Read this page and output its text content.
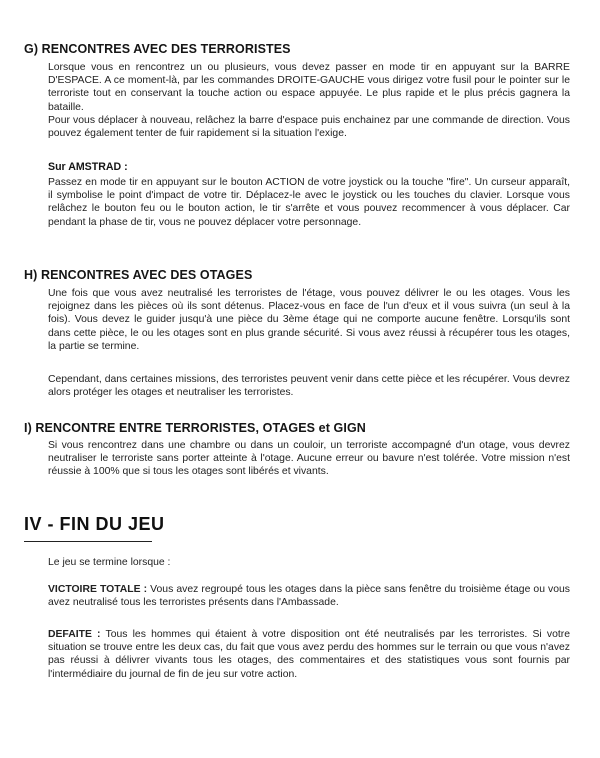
G) RENCONTRES AVEC DES TERRORISTES

Lorsque vous en rencontrez un ou plusieurs, vous devez passer en mode tir en appuyant sur la BARRE D'ESPACE. A ce moment-là, par les commandes DROITE-GAUCHE vous dirigez votre fusil pour le pointer sur le terroriste tout en conservant la touche action ou espace appuyée. Le plus rapide et le plus précis gagnera la bataille.

Pour vous déplacer à nouveau, relâchez la barre d'espace puis enchainez par une commande de direction. Vous pouvez également tenter de fuir rapidement si la situation l'exige.

Sur AMSTRAD :

Passez en mode tir en appuyant sur le bouton ACTION de votre joystick ou la touche "fire". Un curseur apparaît, il symbolise le point d'impact de votre tir. Déplacez-le avec le joystick ou les touches du clavier. Lorsque vous relâchez le bouton feu ou le bouton action, le tir s'arrête et vous pouvez recommencer à vous déplacer. Car pendant la phase de tir, vous ne pouvez déplacer votre personnage.

H) RENCONTRES AVEC DES OTAGES

Une fois que vous avez neutralisé les terroristes de l'étage, vous pouvez délivrer le ou les otages. Vous les rejoignez dans les pièces où ils sont détenus. Placez-vous en face de l'un d'eux et il vous suivra (un seul à la fois). Vous devez le guider jusqu'à une pièce du 3ème étage qui ne comporte aucune fenêtre. Lorsqu'ils sont dans cette pièce, le ou les otages sont en plus grande sécurité. Si vous avez réussi à récupérer tous les otages, la partie se termine.

Cependant, dans certaines missions, des terroristes peuvent venir dans cette pièce et les récupérer. Vous devrez alors protéger les otages et neutraliser les terroristes.

I) RENCONTRE ENTRE TERRORISTES, OTAGES et GIGN

Si vous rencontrez dans une chambre ou dans un couloir, un terroriste accompagné d'un otage, vous devrez neutraliser le terroriste sans porter atteinte à l'otage. Aucune erreur ou bavure n'est tolérée. Votre mission n'est réussie à 100% que si tous les otages sont libérés et vivants.

IV - FIN DU JEU

Le jeu se termine lorsque :

VICTOIRE TOTALE : Vous avez regroupé tous les otages dans la pièce sans fenêtre du troisième étage ou vous avez neutralisé tous les terroristes présents dans l'Ambassade.

DEFAITE : Tous les hommes qui étaient à votre disposition ont été neutralisés par les terroristes. Si votre situation se trouve entre les deux cas, du fait que vous avez perdu des hommes sur le terrain ou que vous n'avez pas réussi à délivrer vivants tous les otages, des commentaires et des statistiques vous sont fournis par l'intermédiaire du journal de fin de jeu sur votre action.
